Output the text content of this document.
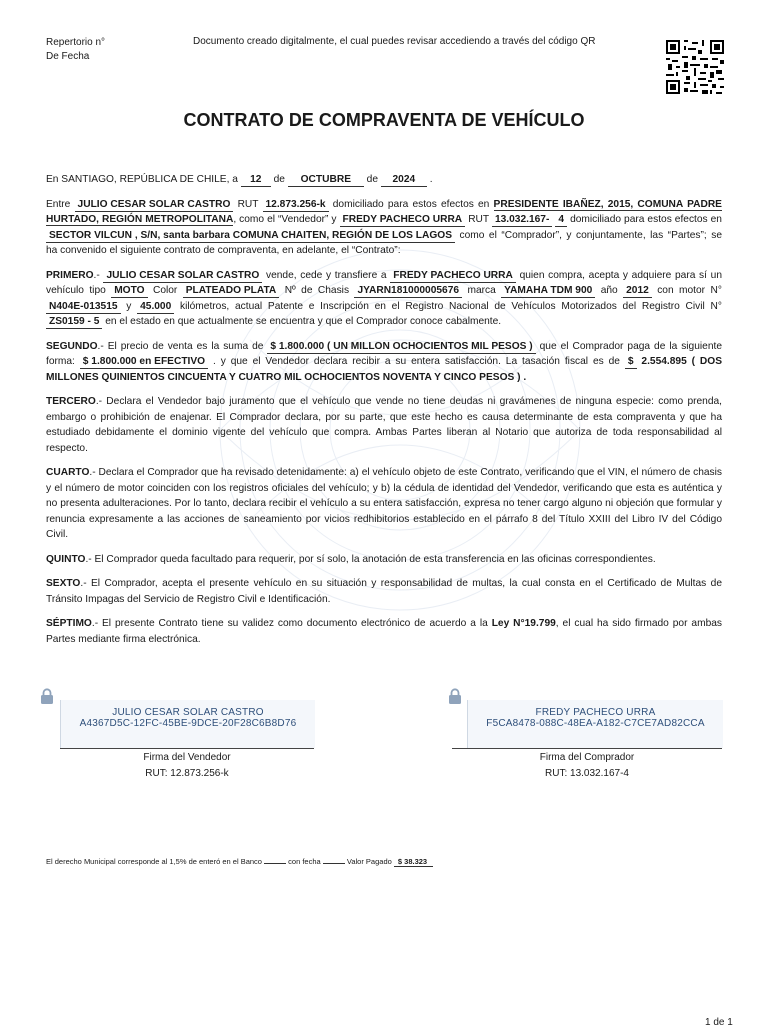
Repertorio n°
De Fecha
Documento creado digitalmente, el cual puedes revisar accediendo a través del código QR
CONTRATO DE COMPRAVENTA DE VEHÍCULO

En SANTIAGO, REPÚBLICA DE CHILE, a 12 de OCTUBRE de 2024 .

Entre JULIO CESAR SOLAR CASTRO RUT 12.873.256-k domiciliado para estos efectos en PRESIDENTE IBAÑEZ, 2015, COMUNA PADRE HURTADO, REGIÓN METROPOLITANA, como el “Vendedor” y FREDY PACHECO URRA RUT 13.032.167- 4 domiciliado para estos efectos en SECTOR VILCUN , S/N, santa barbara COMUNA CHAITEN, REGIÓN DE LOS LAGOS como el “Comprador”, y conjuntamente, las “Partes”; se ha convenido el siguiente contrato de compraventa, en adelante, el “Contrato”:

PRIMERO.- JULIO CESAR SOLAR CASTRO vende, cede y transfiere a FREDY PACHECO URRA quien compra, acepta y adquiere para sí un vehículo tipo MOTO Color PLATEADO PLATA Nº de Chasis JYARN181000005676 marca YAMAHA TDM 900 año 2012 con motor N° N404E-013515 y 45.000 kilómetros, actual Patente e Inscripción en el Registro Nacional de Vehículos Motorizados del Registro Civil N° ZS0159 - 5 en el estado en que actualmente se encuentra y que el Comprador conoce cabalmente.

SEGUNDO.- El precio de venta es la suma de $ 1.800.000 ( UN MILLON OCHOCIENTOS MIL PESOS ) que el Comprador paga de la siguiente forma: $ 1.800.000 en EFECTIVO . y que el Vendedor declara recibir a su entera satisfacción. La tasación fiscal es de $ 2.554.895 ( DOS MILLONES QUINIENTOS CINCUENTA Y CUATRO MIL OCHOCIENTOS NOVENTA Y CINCO PESOS ) .

TERCERO.- Declara el Vendedor bajo juramento que el vehículo que vende no tiene deudas ni gravámenes de ninguna especie: como prenda, embargo o prohibición de enajenar. El Comprador declara, por su parte, que este hecho es causa determinante de esta compraventa y que ha estudiado debidamente el dominio vigente del vehículo que compra. Ambas Partes liberan al Notario que autoriza de toda responsabilidad al respecto.

CUARTO.- Declara el Comprador que ha revisado detenidamente: a) el vehículo objeto de este Contrato, verificando que el VIN, el número de chasis y el número de motor coinciden con los registros oficiales del vehículo; y b) la cédula de identidad del Vendedor, verificando que esta es auténtica y no presenta adulteraciones. Por lo tanto, declara recibir el vehículo a su entera satisfacción, expresa no tener cargo alguno ni objeción que formular y renuncia expresamente a las acciones de saneamiento por vicios redhibitorios establecido en el párrafo 8 del Título XXIII del Libro IV del Código Civil.

QUINTO.- El Comprador queda facultado para requerir, por sí solo, la anotación de esta transferencia en las oficinas correspondientes.

SEXTO.- El Comprador, acepta el presente vehículo en su situación y responsabilidad de multas, la cual consta en el Certificado de Multas de Tránsito Impagas del Servicio de Registro Civil e Identificación.

SÉPTIMO.- El presente Contrato tiene su validez como documento electrónico de acuerdo a la Ley N°19.799, el cual ha sido firmado por ambas Partes mediante firma electrónica.

JULIO CESAR SOLAR CASTRO
A4367D5C-12FC-45BE-9DCE-20F28C6B8D76
Firma del Vendedor
RUT: 12.873.256-k
FREDY PACHECO URRA
F5CA8478-088C-48EA-A182-C7CE7AD82CCA
Firma del Comprador
RUT: 13.032.167-4
El derecho Municipal corresponde al 1,5% de enteró en el Banco	con fecha	Valor Pagado $ 38.323
1 de 1
